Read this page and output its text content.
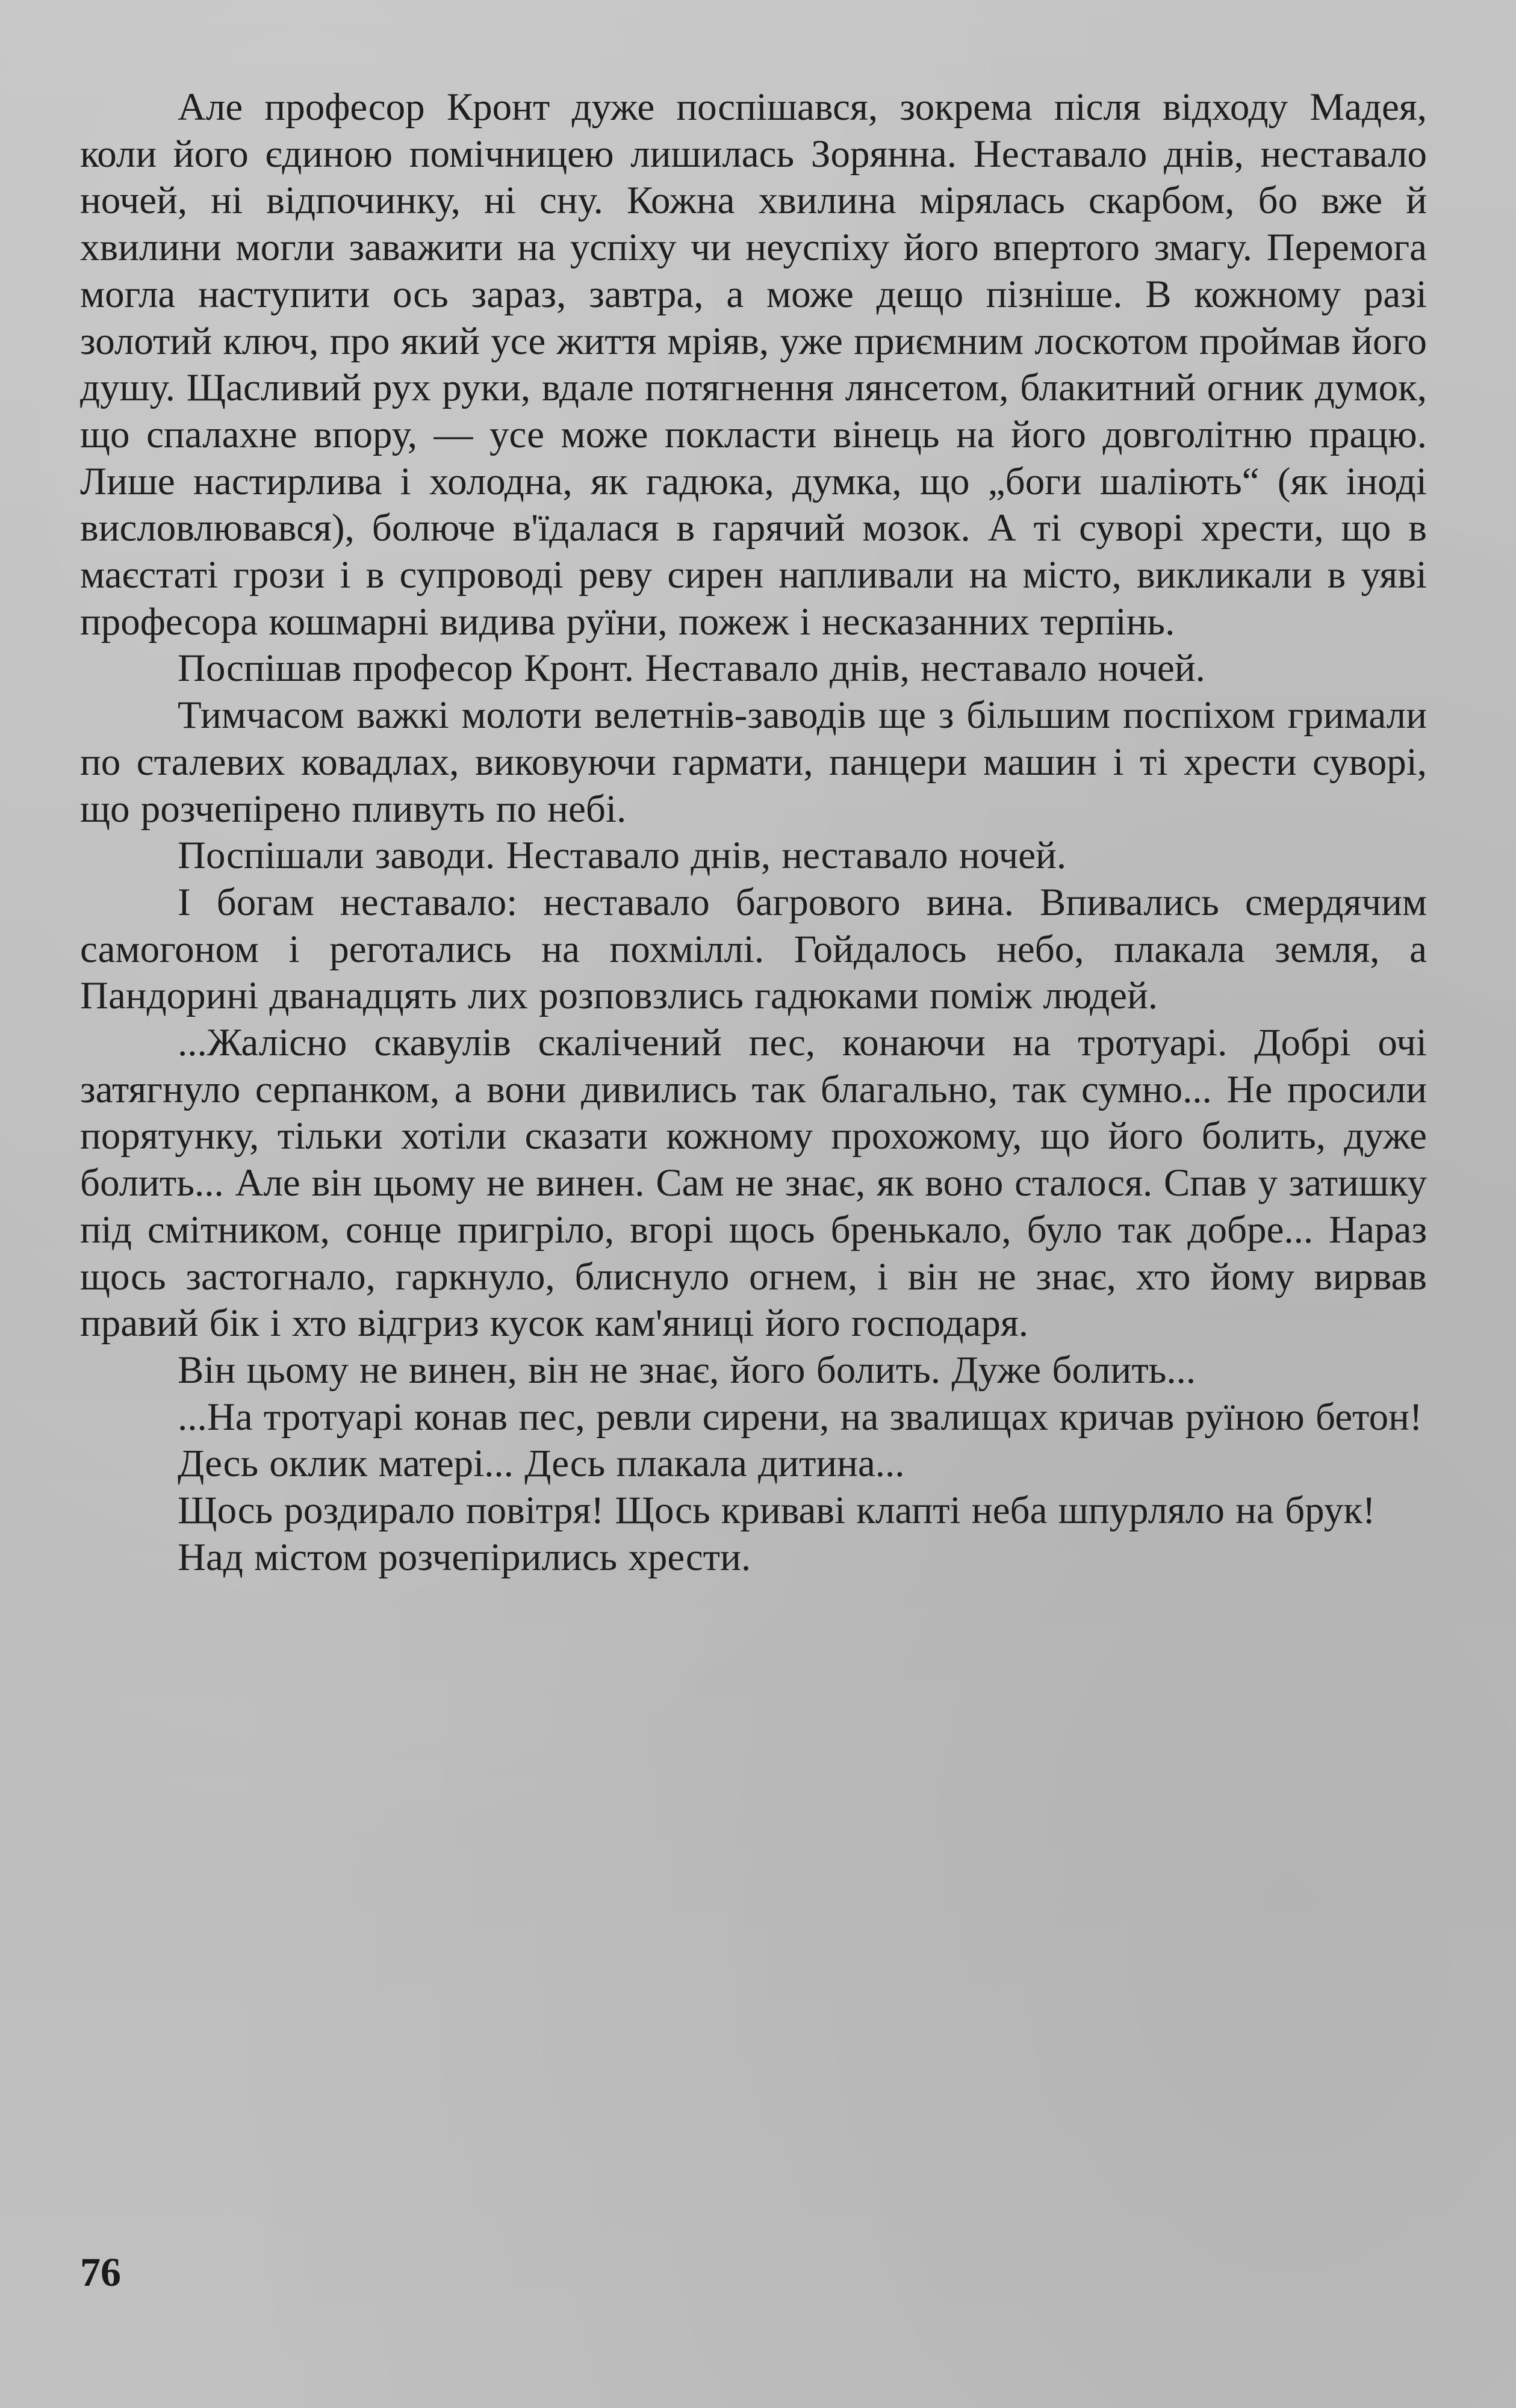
Але професор Кронт дуже поспішався, зокрема після відходу Мадея, коли його єдиною помічницею лишилась Зорянна. Неставало днів, неставало ночей, ні відпочинку, ні сну. Кожна хвилина мірялась скарбом, бо вже й хвилини могли заважити на успіху чи неуспіху його впертого змагу. Перемога могла наступити ось зараз, завтра, а може дещо пізніше. В кожному разі золотий ключ, про який усе життя мріяв, уже приємним лоскотом проймав його душу. Щасливий рух руки, вдале потягнення лянсетом, блакитний огник думок, що спалахне впору, — усе може покласти вінець на його довголітню працю. Лише настирлива і холодна, як гадюка, думка, що „боги шаліють“ (як іноді висловлювався), болюче в'їдалася в гарячий мозок. А ті суворі хрести, що в маєстаті грози і в супроводі реву сирен напливали на місто, викликали в уяві професора кошмарні видива руїни, пожеж і несказанних терпінь.

Поспішав професор Кронт. Неставало днів, неставало ночей.

Тимчасом важкі молоти велетнів-заводів ще з більшим поспіхом гримали по сталевих ковадлах, виковуючи гармати, панцери машин і ті хрести суворі, що розчепірено пливуть по небі.

Поспішали заводи. Неставало днів, неставало ночей.

І богам неставало: неставало багрового вина. Впивались смердячим самогоном і реготались на похміллі. Гойдалось небо, плакала земля, а Пандорині дванадцять лих розповзлись гадюками поміж людей.

...Жалісно скавулів скалічений пес, конаючи на тротуарі. Добрі очі затягнуло серпанком, а вони дивились так благально, так сумно... Не просили порятунку, тільки хотіли сказати кожному прохожому, що його болить, дуже болить... Але він цьому не винен. Сам не знає, як воно сталося. Спав у затишку під смітником, сонце пригріло, вгорі щось бренькало, було так добре... Нараз щось застогнало, гаркнуло, блиснуло огнем, і він не знає, хто йому вирвав правий бік і хто відгриз кусок кам'яниці його господаря.

Він цьому не винен, він не знає, його болить. Дуже болить...

...На тротуарі конав пес, ревли сирени, на звалищах кричав руїною бетон!

Десь оклик матері... Десь плакала дитина...

Щось роздирало повітря! Щось криваві клапті неба шпурляло на брук!

Над містом розчепірились хрести.

76
